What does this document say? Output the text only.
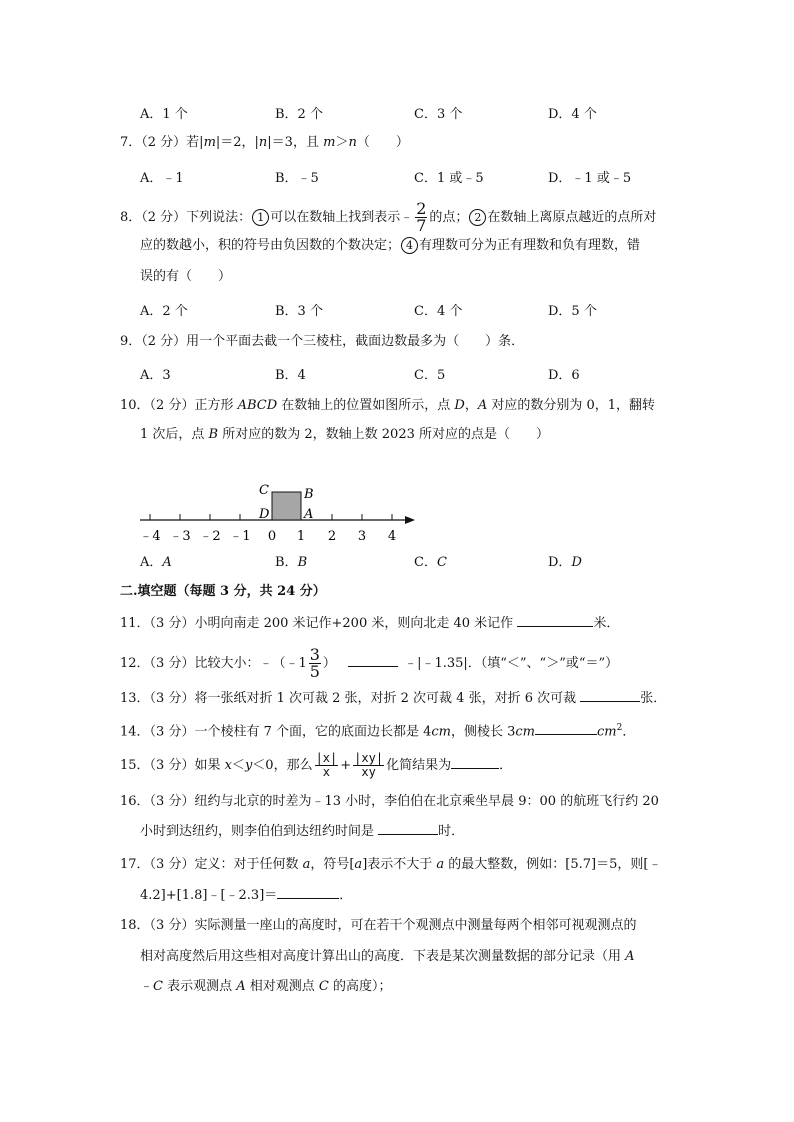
A．1 个	B．2 个	C．3 个	D．4 个
7．（2 分）若|m|＝2，|n|＝3，且 m＞n（　　）
A．﹣1	B．﹣5	C．1 或﹣5	D．﹣1 或﹣5
8．（2 分）下列说法： 1 可以在数轴上找到表示﹣ $\frac{2}{7}$ 的点； 2 在数轴上离原点越近的点所对
应的数越小，积的符号由负因数的个数决定； 4 有理数可分为正有理数和负有理数，错
误的有（　　）
A．2 个	B．3 个	C．4 个	D．5 个
9．（2 分）用一个平面去截一个三棱柱，截面边数最多为（　　）条．
A．3	B．4	C．5	D．6
10．（2 分）正方形 ABCD 在数轴上的位置如图所示，点 D，A 对应的数分别为 0，1，翻转
1 次后，点 B 所对应的数为 2，数轴上数 2023 所对应的点是（　　）
C	B
D	A
﹣4 ﹣3 ﹣2 ﹣1 0 1 2 3 4
A．A	B．B	C．C	D．D
二.填空题（每题 3 分，共 24 分）
11．（3 分）小明向南走 200 米记作+200 米，则向北走 40 米记作	米．
12．（3 分）比较大小：﹣（﹣1 $\frac{3}{5}$ ）	﹣|﹣1.35|．（填“＜”、“＞”或“＝”）
13．（3 分）将一张纸对折 1 次可裁 2 张，对折 2 次可裁 4 张，对折 6 次可裁	张．
14．（3 分）一个棱柱有 7 个面，它的底面边长都是 4cm，侧棱长 3cm	$cm^2$．
15．（3 分）如果 x＜y＜0，那么 $\frac{|x|}{x} + \frac{|xy|}{xy}$ 化简结果为	．
16．（3 分）纽约与北京的时差为﹣13 小时，李伯伯在北京乘坐早晨 9：00 的航班飞行约 20
小时到达纽约，则李伯伯到达纽约时间是	时．
17．（3 分）定义：对于任何数 a，符号[a]表示不大于 a 的最大整数，例如：[5.7]＝5，则[﹣
4.2]+[1.8]﹣[﹣2.3]＝	．
18．（3 分）实际测量一座山的高度时，可在若干个观测点中测量每两个相邻可视观测点的
相对高度然后用这些相对高度计算出山的高度．下表是某次测量数据的部分记录（用 A
﹣C 表示观测点 A 相对观测点 C 的高度）；
